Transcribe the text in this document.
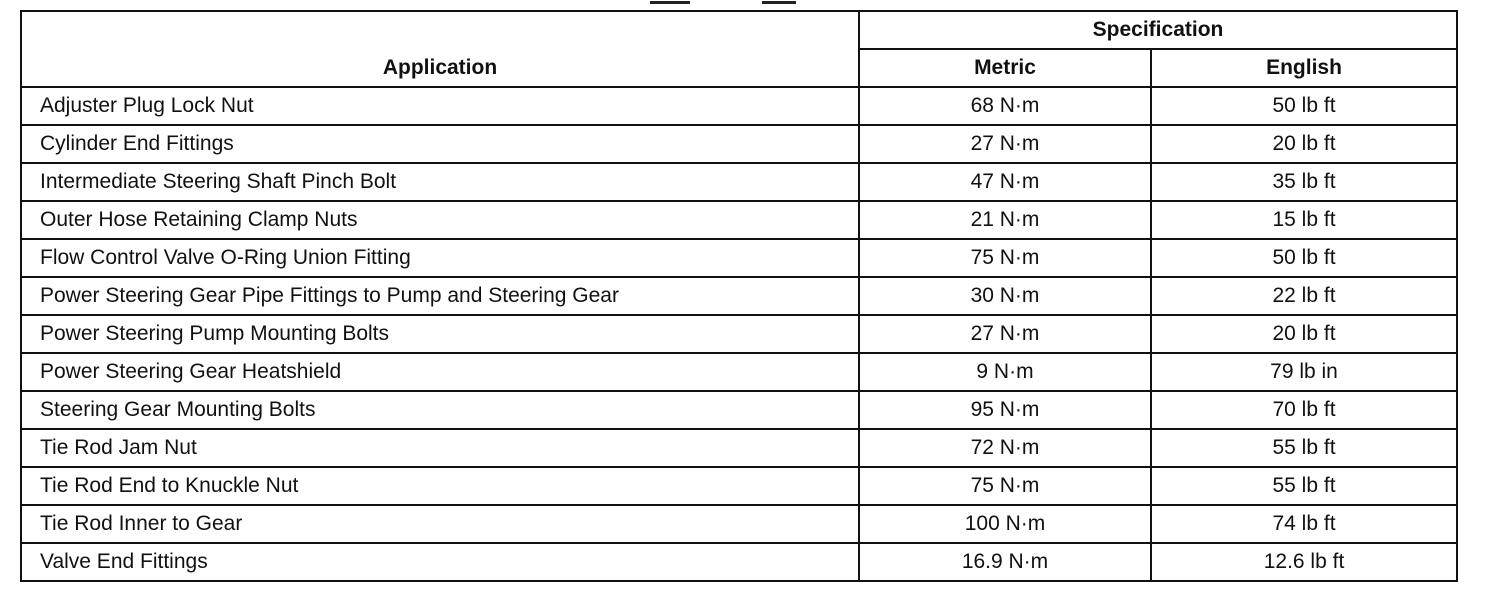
Application	Specification	
	Metric	English
Adjuster Plug Lock Nut	68 N·m	50 lb ft
Cylinder End Fittings	27 N·m	20 lb ft
Intermediate Steering Shaft Pinch Bolt	47 N·m	35 lb ft
Outer Hose Retaining Clamp Nuts	21 N·m	15 lb ft
Flow Control Valve O-Ring Union Fitting	75 N·m	50 lb ft
Power Steering Gear Pipe Fittings to Pump and Steering Gear	30 N·m	22 lb ft
Power Steering Pump Mounting Bolts	27 N·m	20 lb ft
Power Steering Gear Heatshield	9 N·m	79 lb in
Steering Gear Mounting Bolts	95 N·m	70 lb ft
Tie Rod Jam Nut	72 N·m	55 lb ft
Tie Rod End to Knuckle Nut	75 N·m	55 lb ft
Tie Rod Inner to Gear	100 N·m	74 lb ft
Valve End Fittings	16.9 N·m	12.6 lb ft
